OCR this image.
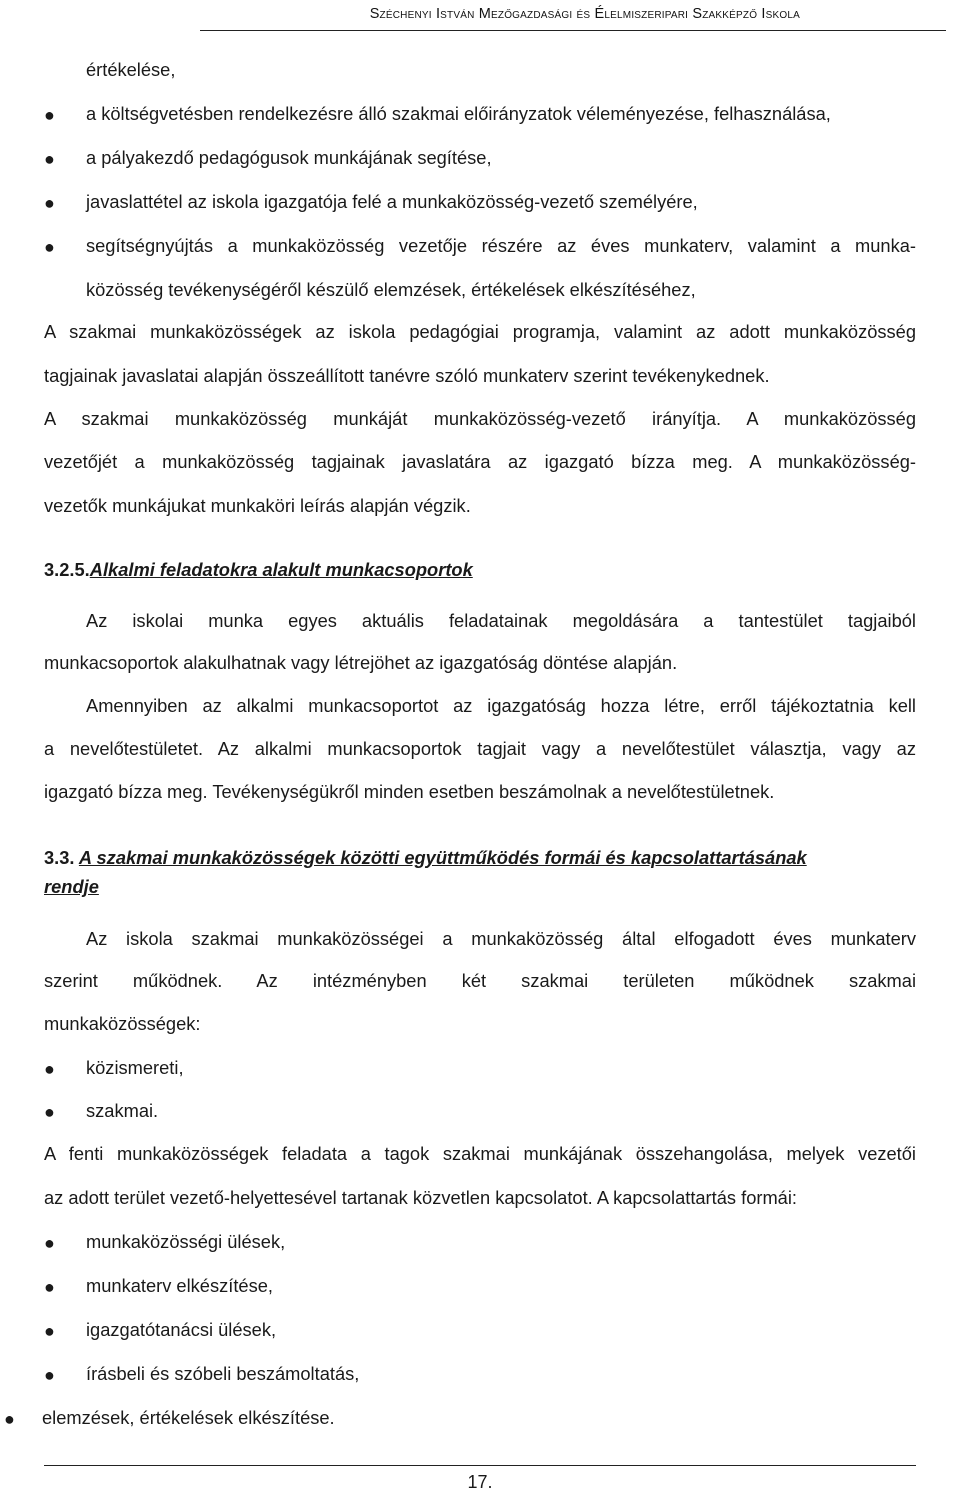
Széchenyi István Mezőgazdasági és Élelmiszeripari Szakképző Iskola
értékelése,
● a költségvetésben rendelkezésre álló szakmai előirányzatok véleményezése, felhasználása,
● a pályakezdő pedagógusok munkájának segítése,
● javaslattétel az iskola igazgatója felé a munkaközösség-vezető személyére,
● segítségnyújtás a munkaközösség vezetője részére az éves munkaterv, valamint a munka-
közösség tevékenységéről készülő elemzések, értékelések elkészítéséhez,
A szakmai munkaközösségek az iskola pedagógiai programja, valamint az adott munkaközösség
tagjainak javaslatai alapján összeállított tanévre szóló munkaterv szerint tevékenykednek.
A szakmai munkaközösség munkáját munkaközösség-vezető irányítja. A munkaközösség
vezetőjét a munkaközösség tagjainak javaslatára az igazgató bízza meg. A munkaközösség-
vezetők munkájukat munkaköri leírás alapján végzik.
3.2.5.Alkalmi feladatokra alakult munkacsoportok
Az iskolai munka egyes aktuális feladatainak megoldására a tantestület tagjaiból
munkacsoportok alakulhatnak vagy létrejöhet az igazgatóság döntése alapján.
Amennyiben az alkalmi munkacsoportot az igazgatóság hozza létre, erről tájékoztatnia kell
a nevelőtestületet. Az alkalmi munkacsoportok tagjait vagy a nevelőtestület választja, vagy az
igazgató bízza meg. Tevékenységükről minden esetben beszámolnak a nevelőtestületnek.
3.3. A szakmai munkaközösségek közötti együttműködés formái és kapcsolattartásának
rendje
Az iskola szakmai munkaközösségei a munkaközösség által elfogadott éves munkaterv
szerint működnek. Az intézményben két szakmai területen működnek szakmai
munkaközösségek:
● közismereti,
● szakmai.
A fenti munkaközösségek feladata a tagok szakmai munkájának összehangolása, melyek vezetői
az adott terület vezető-helyettesével tartanak közvetlen kapcsolatot. A kapcsolattartás formái:
● munkaközösségi ülések,
● munkaterv elkészítése,
● igazgatótanácsi ülések,
● írásbeli és szóbeli beszámoltatás,
● elemzések, értékelések elkészítése.
17.
